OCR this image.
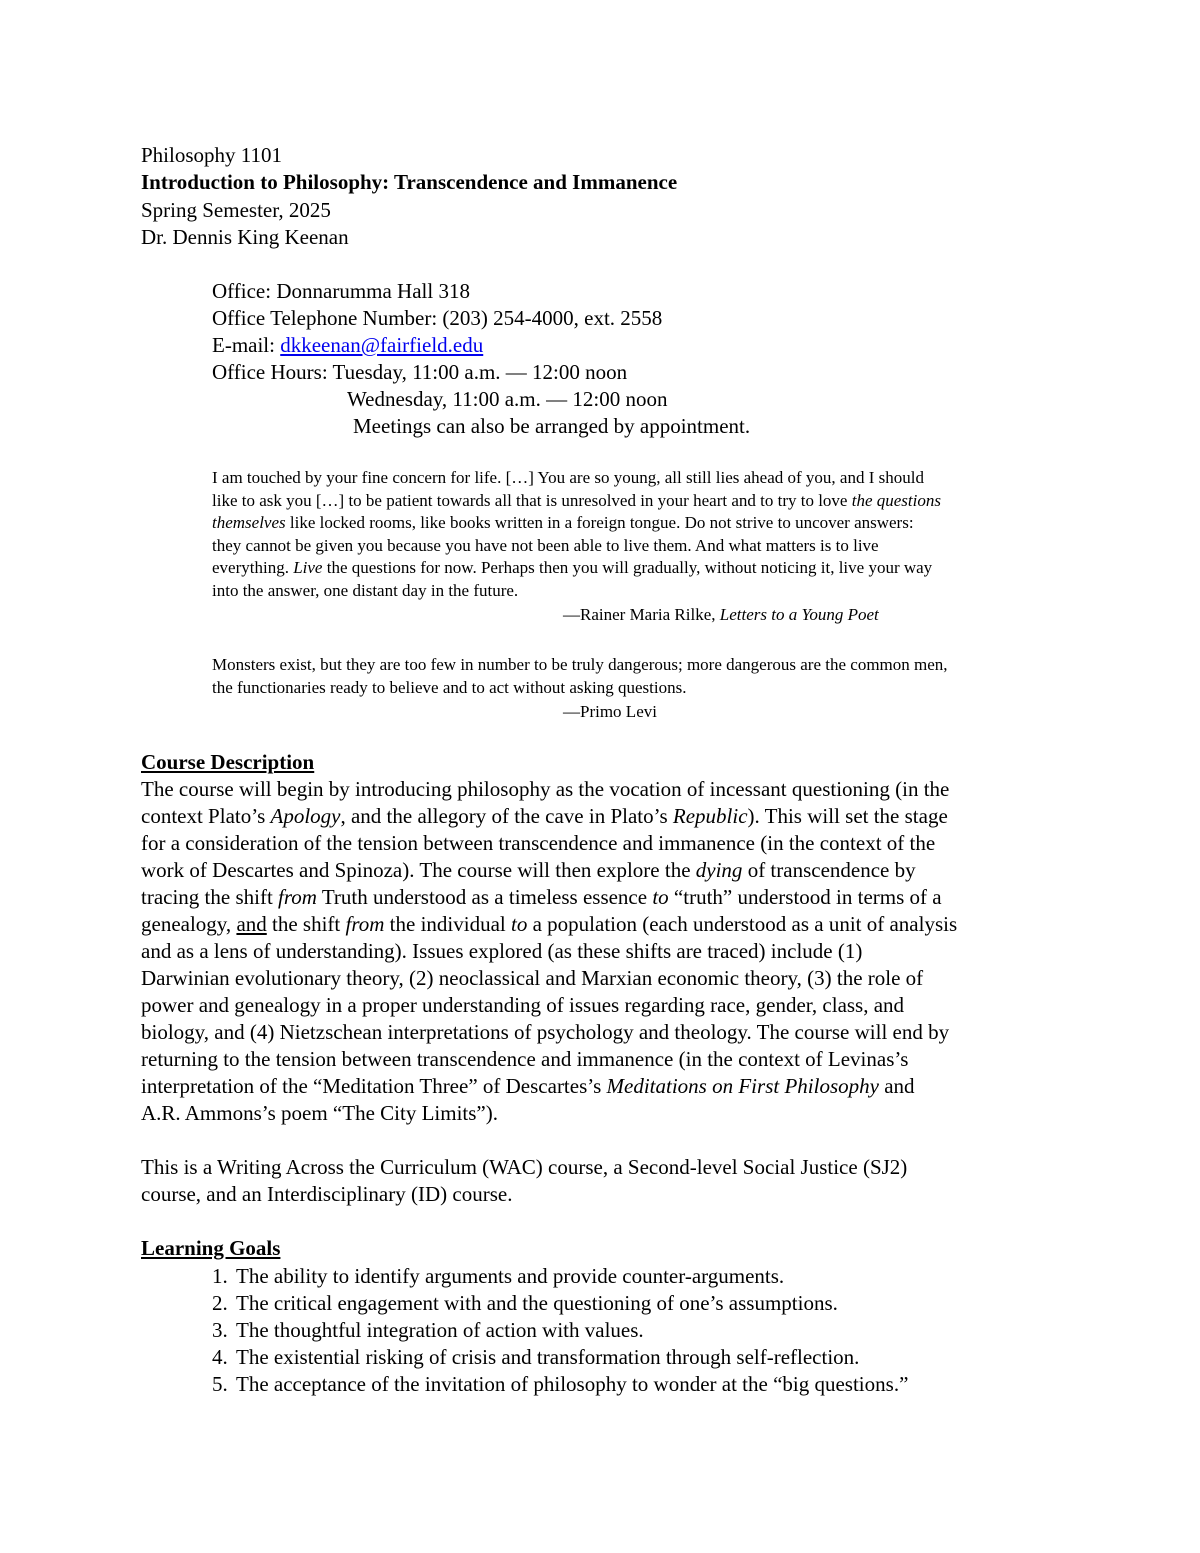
Philosophy 1101
Introduction to Philosophy: Transcendence and Immanence
Spring Semester, 2025
Dr. Dennis King Keenan
Office: Donnarumma Hall 318
Office Telephone Number: (203) 254-4000, ext. 2558
E-mail: dkkeenan@fairfield.edu
Office Hours: Tuesday, 11:00 a.m. — 12:00 noon
Wednesday, 11:00 a.m. — 12:00 noon
Meetings can also be arranged by appointment.
I am touched by your fine concern for life. […] You are so young, all still lies ahead of you, and I should
like to ask you […] to be patient towards all that is unresolved in your heart and to try to love the questions
themselves like locked rooms, like books written in a foreign tongue. Do not strive to uncover answers:
they cannot be given you because you have not been able to live them. And what matters is to live
everything. Live the questions for now. Perhaps then you will gradually, without noticing it, live your way
into the answer, one distant day in the future.
—Rainer Maria Rilke, Letters to a Young Poet
Monsters exist, but they are too few in number to be truly dangerous; more dangerous are the common men,
the functionaries ready to believe and to act without asking questions.
—Primo Levi
Course Description
The course will begin by introducing philosophy as the vocation of incessant questioning (in the
context Plato’s Apology, and the allegory of the cave in Plato’s Republic). This will set the stage
for a consideration of the tension between transcendence and immanence (in the context of the
work of Descartes and Spinoza). The course will then explore the dying of transcendence by
tracing the shift from Truth understood as a timeless essence to “truth” understood in terms of a
genealogy, and the shift from the individual to a population (each understood as a unit of analysis
and as a lens of understanding). Issues explored (as these shifts are traced) include (1)
Darwinian evolutionary theory, (2) neoclassical and Marxian economic theory, (3) the role of
power and genealogy in a proper understanding of issues regarding race, gender, class, and
biology, and (4) Nietzschean interpretations of psychology and theology. The course will end by
returning to the tension between transcendence and immanence (in the context of Levinas’s
interpretation of the “Meditation Three” of Descartes’s Meditations on First Philosophy and
A.R. Ammons’s poem “The City Limits”).
This is a Writing Across the Curriculum (WAC) course, a Second-level Social Justice (SJ2)
course, and an Interdisciplinary (ID) course.
Learning Goals
1. The ability to identify arguments and provide counter-arguments.
2. The critical engagement with and the questioning of one’s assumptions.
3. The thoughtful integration of action with values.
4. The existential risking of crisis and transformation through self-reflection.
5. The acceptance of the invitation of philosophy to wonder at the “big questions.”
